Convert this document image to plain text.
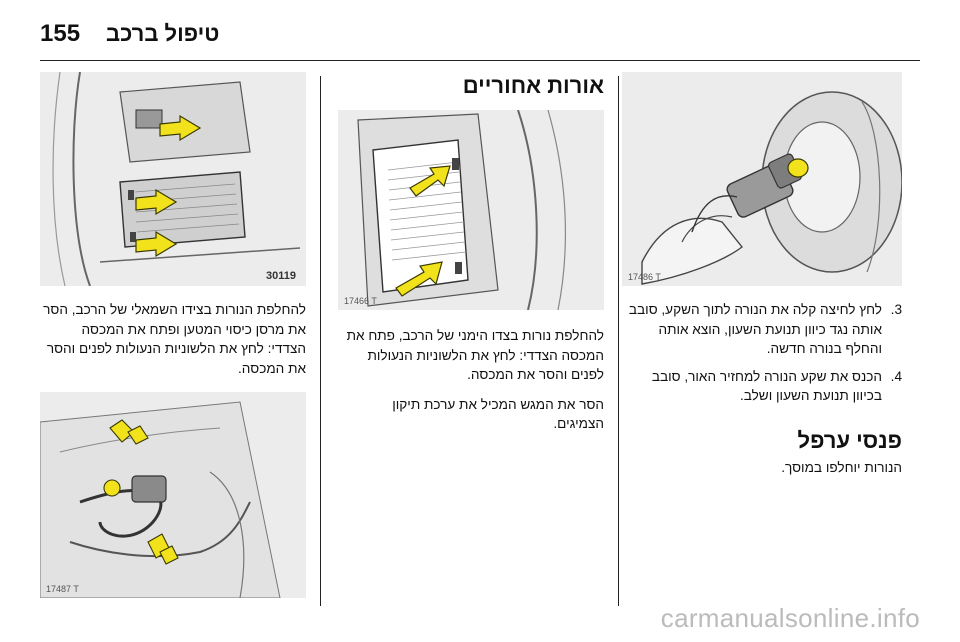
155 טיפול ברכב
17486 T
3.
לחץ לחיצה קלה את הנורה לתוך השקע, סובב אותה נגד כיוון תנועת השעון, הוצא אותה והחלף בנורה חדשה.
4.
הכנס את שקע הנורה למחזיר האור, סובב בכיוון תנועת השעון ושלב.
פנסי ערפל

הנורות יוחלפו במוסך.

אורות אחוריים
17466 T

להחלפת נורות בצדו הימני של הרכב, פתח את המכסה הצדדי: לחץ את הלשוניות הנעולות לפנים והסר את המכסה.

הסר את המגש המכיל את ערכת תיקון הצמיגים.

30119

להחלפת הנורות בצידו השמאלי של הרכב, הסר את מרסן כיסוי המטען ופתח את המכסה הצדדי: לחץ את הלשוניות הנעולות לפנים והסר את המכסה.

17487 T
carmanualsonline.info
